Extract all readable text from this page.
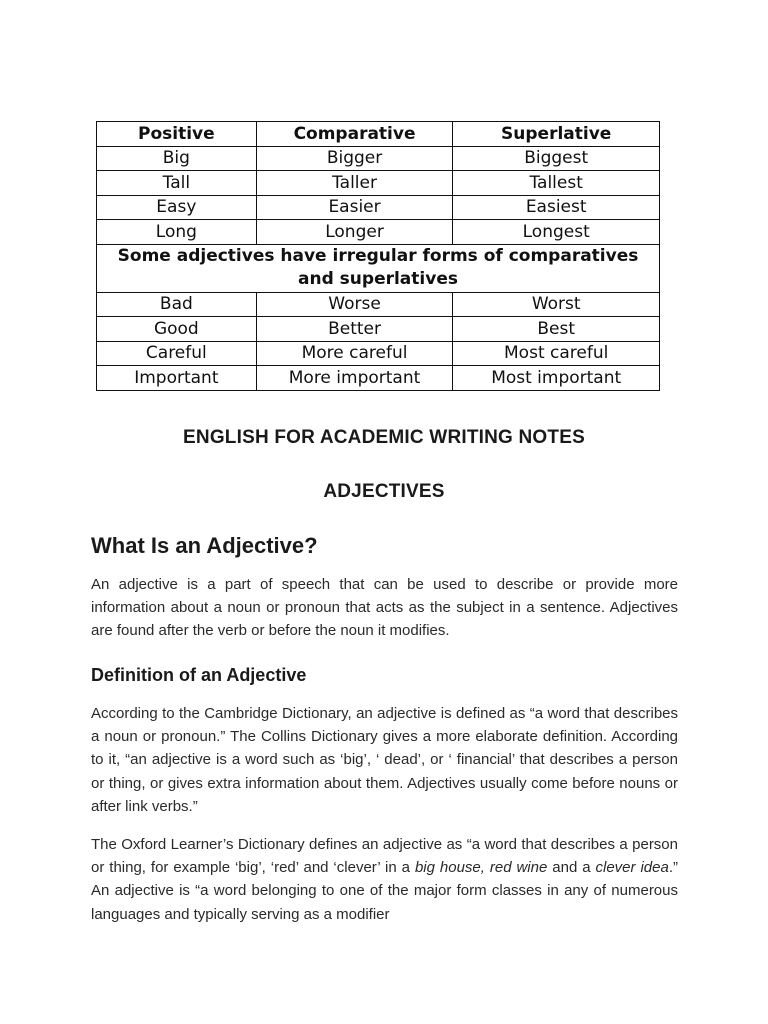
Positive	Comparative	Superlative
Big	Bigger	Biggest
Tall	Taller	Tallest
Easy	Easier	Easiest
Long	Longer	Longest
Some adjectives have irregular forms of comparatives and superlatives		
Bad	Worse	Worst
Good	Better	Best
Careful	More careful	Most careful
Important	More important	Most important
ENGLISH FOR ACADEMIC WRITING NOTES
ADJECTIVES
What Is an Adjective?

An adjective is a part of speech that can be used to describe or provide more information about a noun or pronoun that acts as the subject in a sentence. Adjectives are found after the verb or before the noun it modifies.

Definition of an Adjective

According to the Cambridge Dictionary, an adjective is defined as “a word that describes a noun or pronoun.” The Collins Dictionary gives a more elaborate definition. According to it, “an adjective is a word such as ‘big’, ‘ dead’, or ‘ financial’ that describes a person or thing, or gives extra information about them. Adjectives usually come before nouns or after link verbs.”

The Oxford Learner’s Dictionary defines an adjective as “a word that describes a person or thing, for example ‘big’, ‘red’ and ‘clever’ in a big house, red wine and a clever idea.” An adjective is “a word belonging to one of the major form classes in any of numerous languages and typically serving as a modifier
